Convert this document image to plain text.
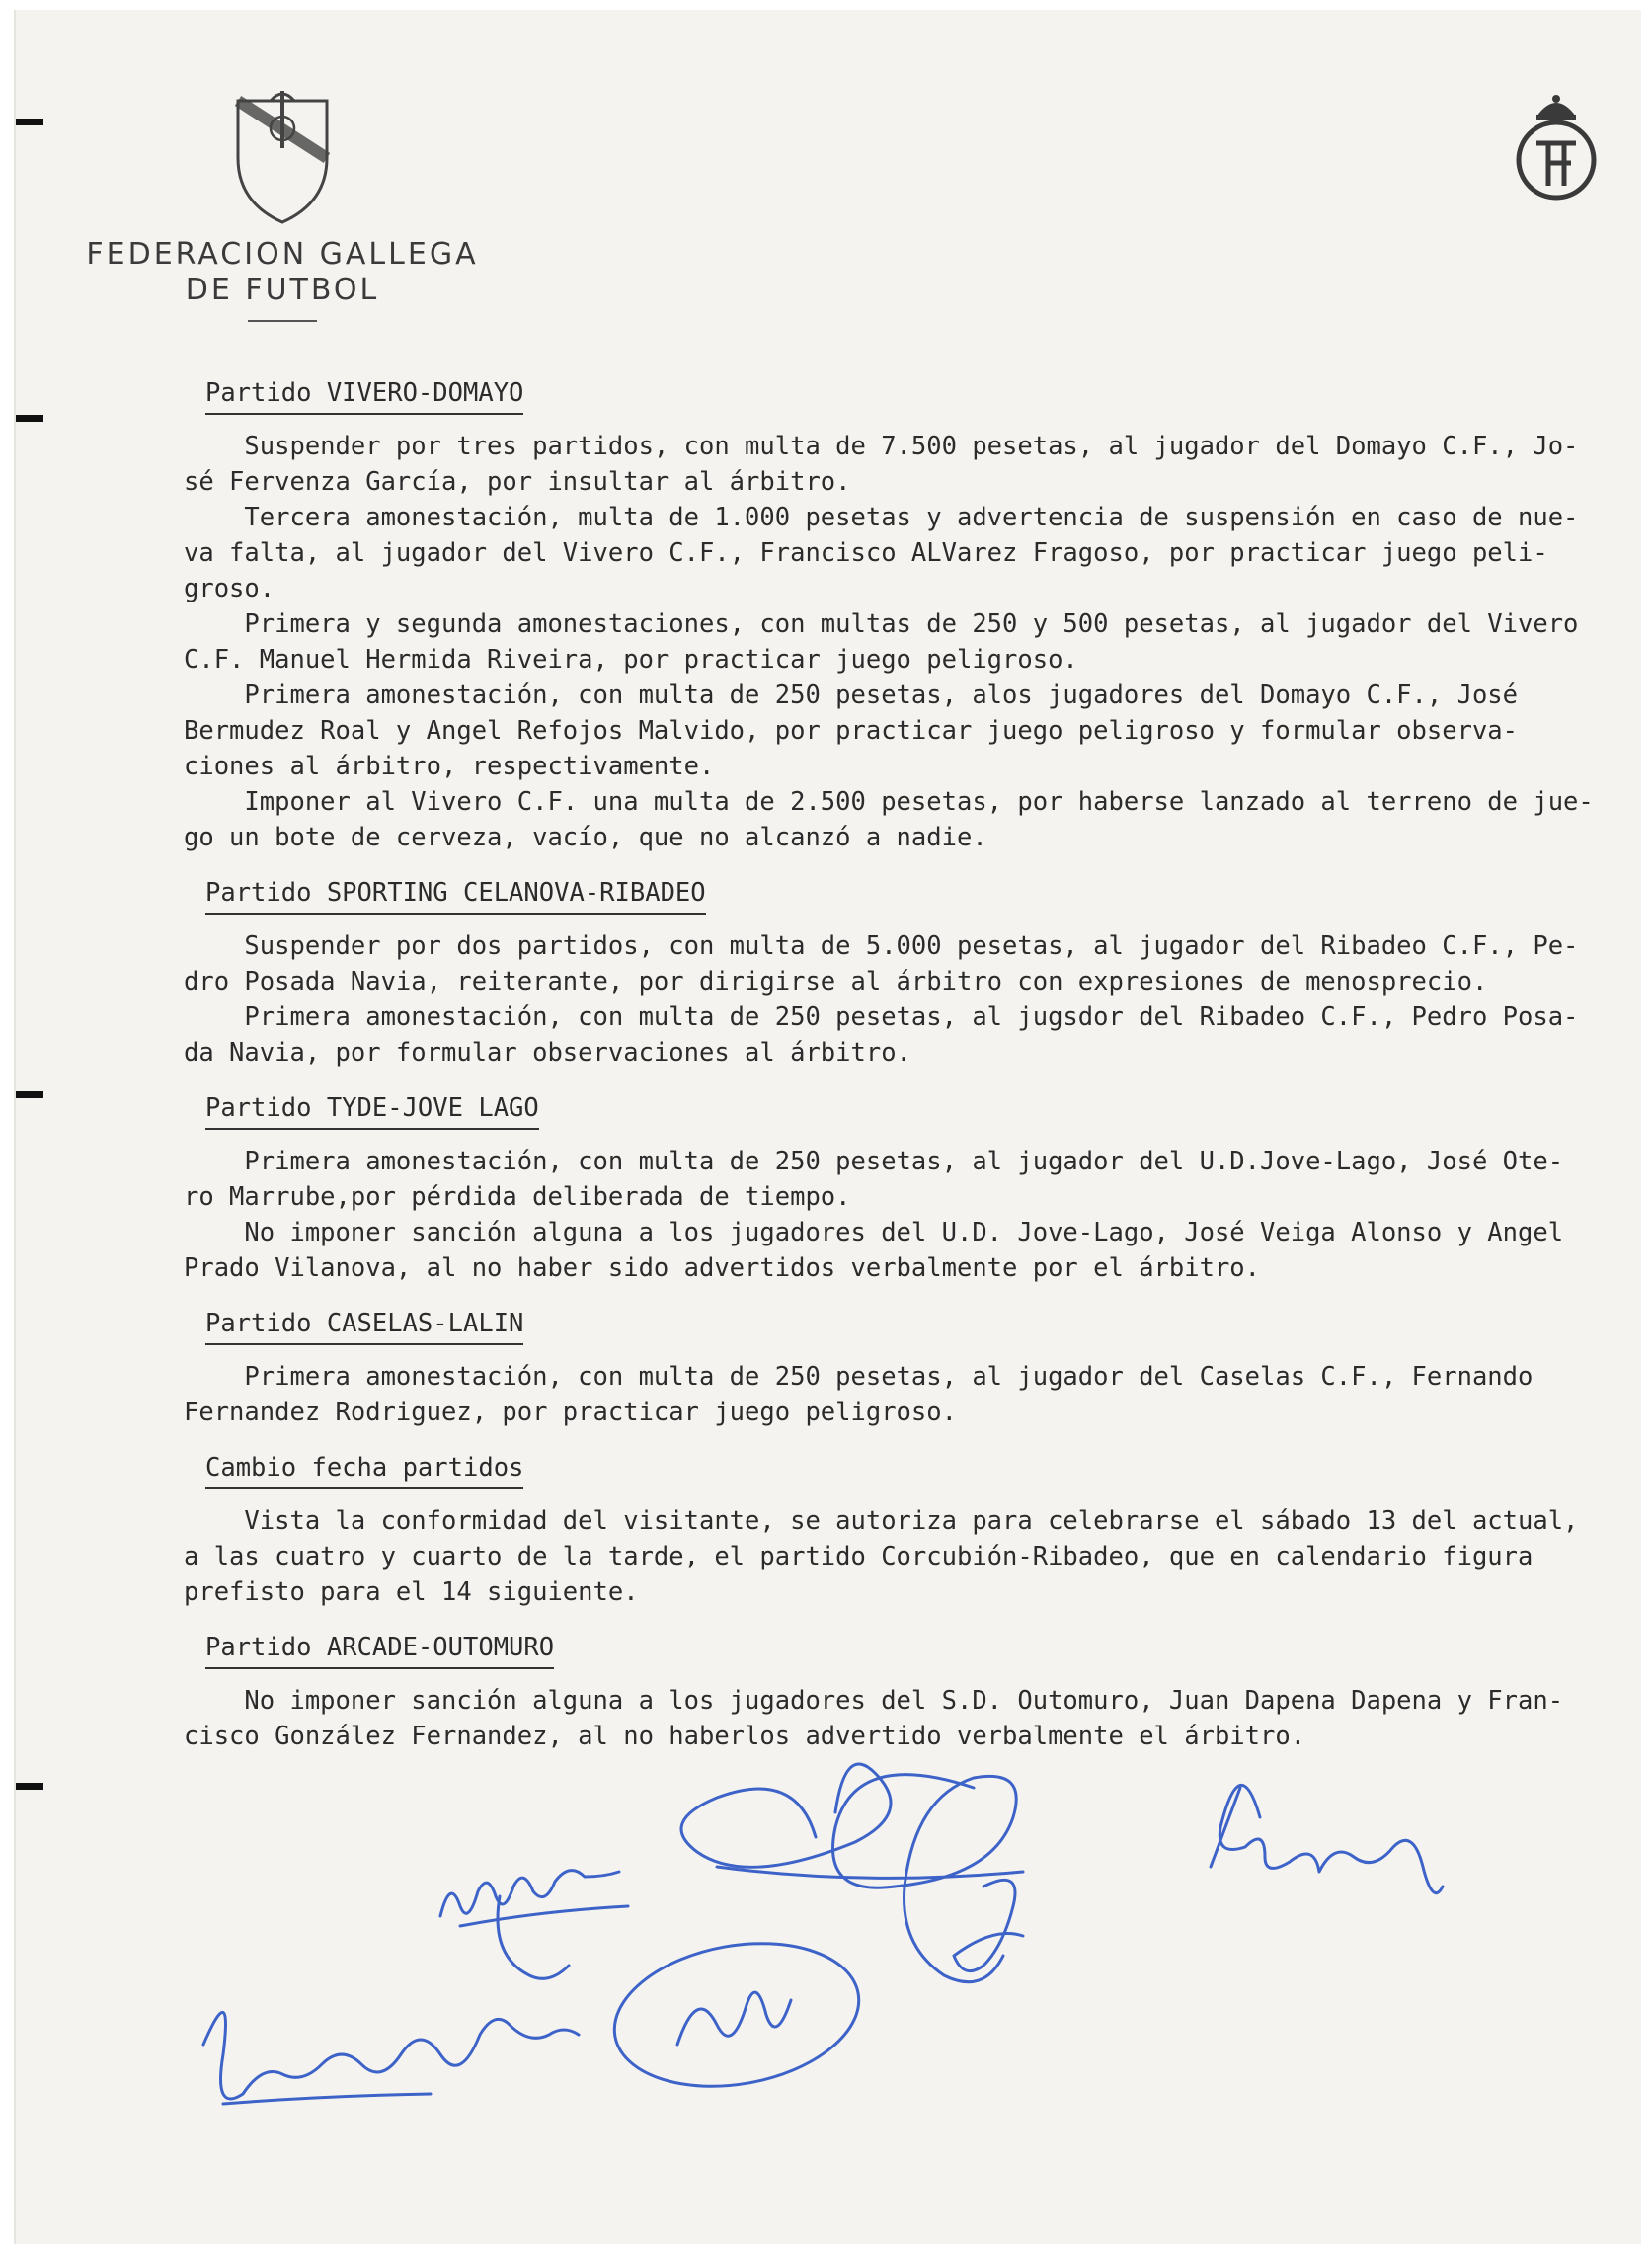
FEDERACION GALLEGA
DE FUTBOL
Partido VIVERO-DOMAYO

Suspender por tres partidos, con multa de 7.500 pesetas, al jugador del Domayo C.F., Jo-

sé Fervenza García, por insultar al árbitro.

Tercera amonestación, multa de 1.000 pesetas y advertencia de suspensión en caso de nue-

va falta, al jugador del Vivero C.F., Francisco ALVarez Fragoso, por practicar juego peli-

groso.

Primera y segunda amonestaciones, con multas de 250 y 500 pesetas, al jugador del Vivero

C.F. Manuel Hermida Riveira, por practicar juego peligroso.

Primera amonestación, con multa de 250 pesetas, alos jugadores del Domayo C.F., José

Bermudez Roal y Angel Refojos Malvido, por practicar juego peligroso y formular observa-

ciones al árbitro, respectivamente.

Imponer al Vivero C.F. una multa de 2.500 pesetas, por haberse lanzado al terreno de jue-

go un bote de cerveza, vacío, que no alcanzó a nadie.

Partido SPORTING CELANOVA-RIBADEO

Suspender por dos partidos, con multa de 5.000 pesetas, al jugador del Ribadeo C.F., Pe-

dro Posada Navia, reiterante, por dirigirse al árbitro con expresiones de menosprecio.

Primera amonestación, con multa de 250 pesetas, al jugsdor del Ribadeo C.F., Pedro Posa-

da Navia, por formular observaciones al árbitro.

Partido TYDE-JOVE LAGO

Primera amonestación, con multa de 250 pesetas, al jugador del U.D.Jove-Lago, José Ote-

ro Marrube,por pérdida deliberada de tiempo.

No imponer sanción alguna a los jugadores del U.D. Jove-Lago, José Veiga Alonso y Angel

Prado Vilanova, al no haber sido advertidos verbalmente por el árbitro.

Partido CASELAS-LALIN

Primera amonestación, con multa de 250 pesetas, al jugador del Caselas C.F., Fernando

Fernandez Rodriguez, por practicar juego peligroso.

Cambio fecha partidos

Vista la conformidad del visitante, se autoriza para celebrarse el sábado 13 del actual,

a las cuatro y cuarto de la tarde, el partido Corcubión-Ribadeo, que en calendario figura

prefisto para el 14 siguiente.

Partido ARCADE-OUTOMURO

No imponer sanción alguna a los jugadores del S.D. Outomuro, Juan Dapena Dapena y Fran-

cisco González Fernandez, al no haberlos advertido verbalmente el árbitro.
